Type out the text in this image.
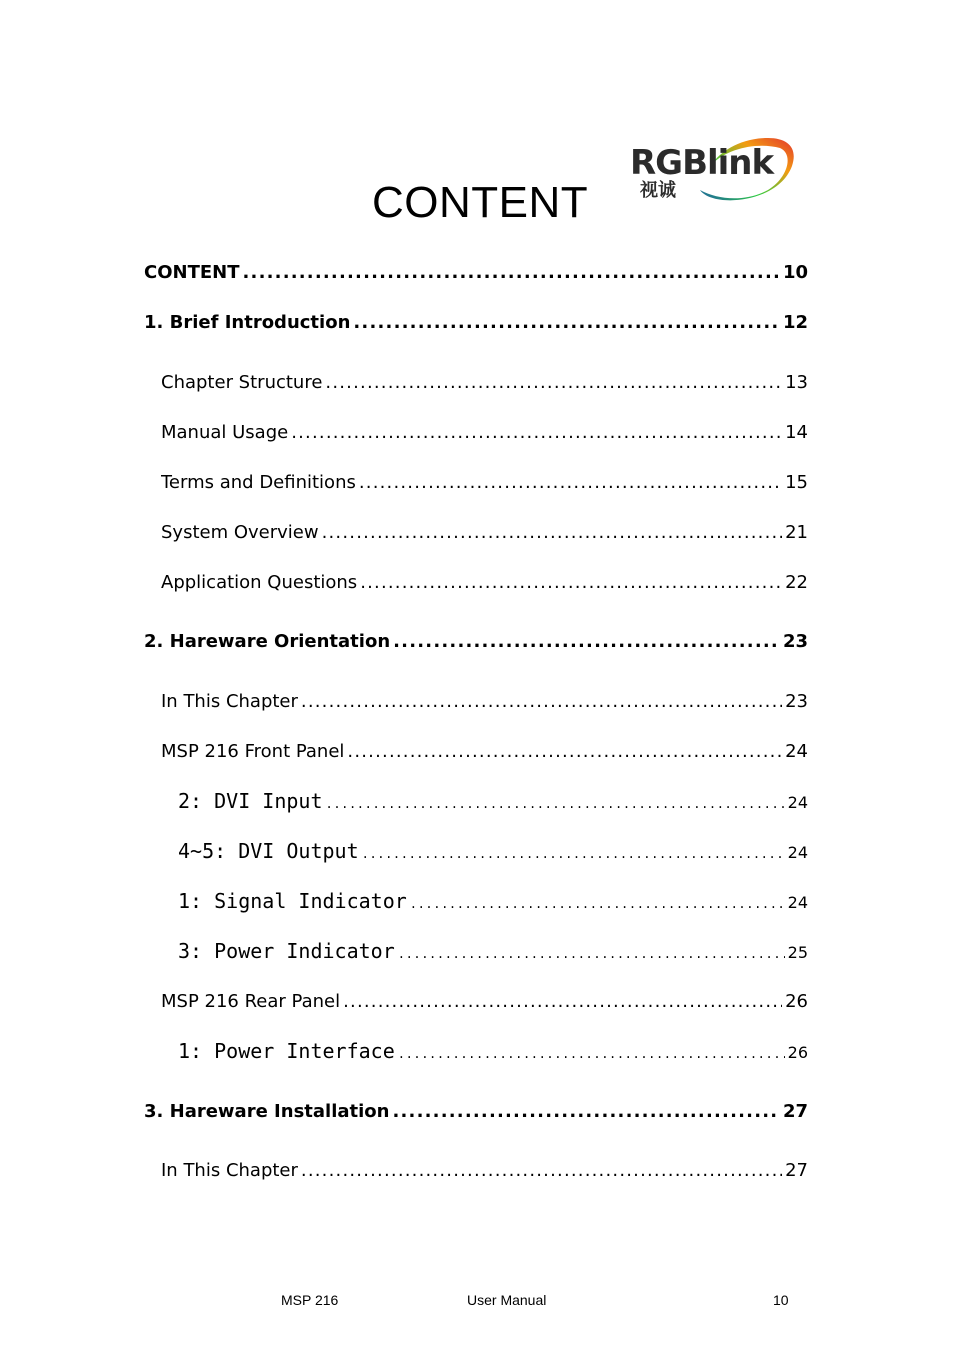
CONTENT
RGBlink
视诚
CONTENT .....	10
1. Brief Introduction .....	12
Chapter Structure .....	13
Manual Usage .....	14
Terms and Definitions .....	15
System Overview .....	21
Application Questions .....	22
2. Hareware Orientation .....	23
In This Chapter .....	23
MSP 216 Front Panel .....	24
2: DVI Input .....	24
4~5: DVI Output .....	24
1: Signal Indicator .....	24
3: Power Indicator .....	25
MSP 216 Rear Panel .....	26
1: Power Interface .....	26
3. Hareware Installation .....	27
In This Chapter .....	27
MSP 216	User Manual	10
